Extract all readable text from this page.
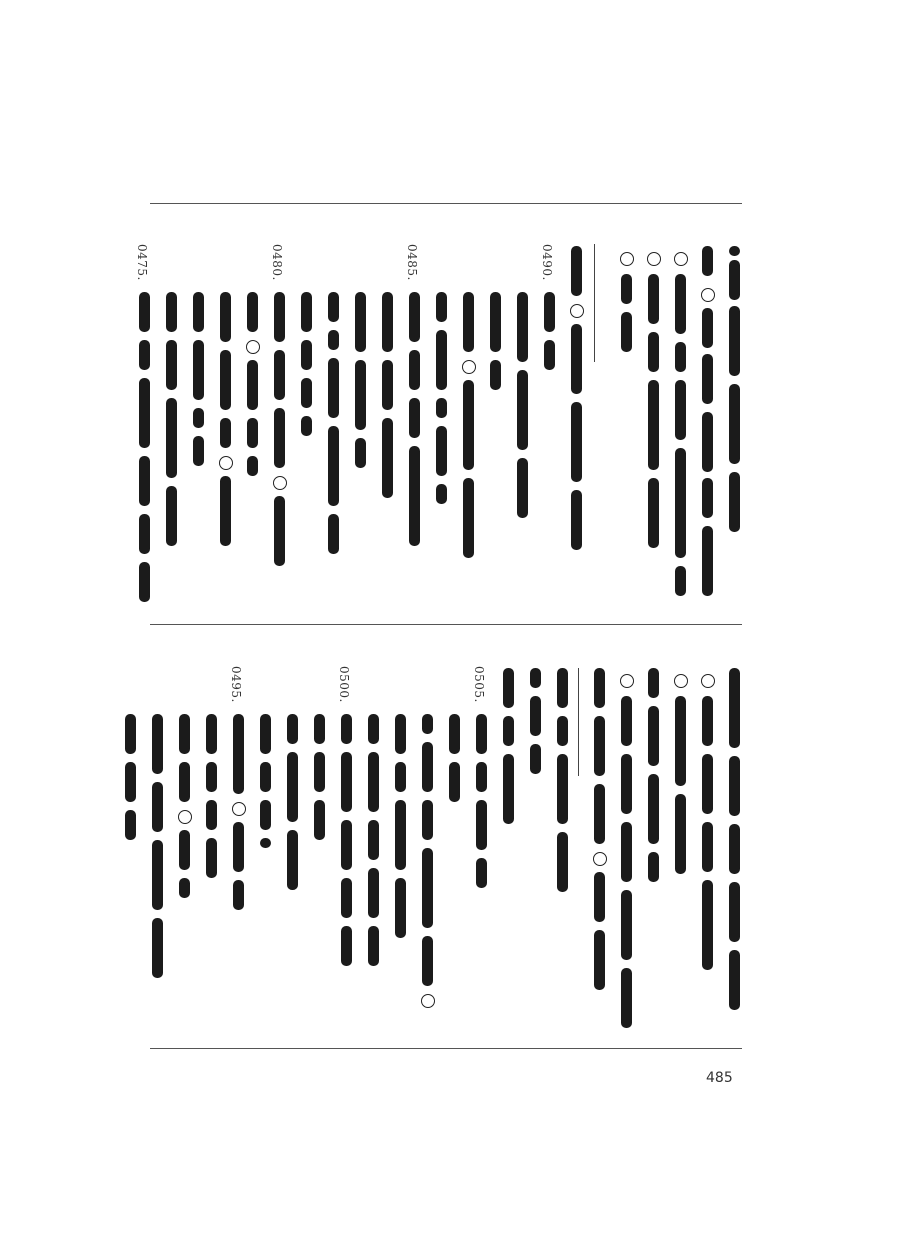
0490.
0485.
0480.
0475.
0505.
0500.
0495.
485
